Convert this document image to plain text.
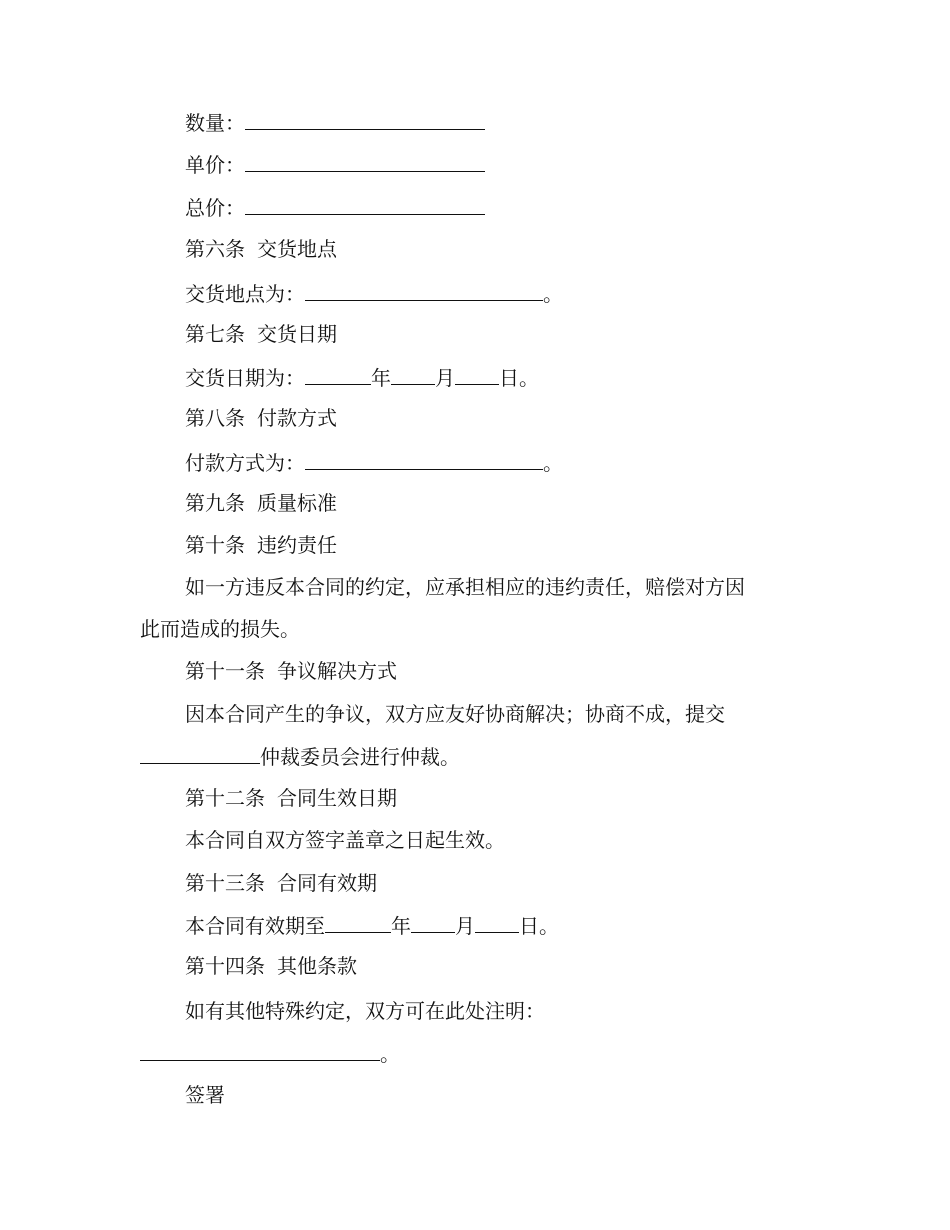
数量：
单价：
总价：
第六条 交货地点
交货地点为：	。
第七条 交货日期
交货日期为：	年 月 日。
第八条 付款方式
付款方式为：	。
第九条 质量标准
第十条 违约责任
如一方违反本合同的约定，应承担相应的违约责任，赔偿对方因
此而造成的损失。
第十一条 争议解决方式
因本合同产生的争议，双方应友好协商解决；协商不成，提交
仲裁委员会进行仲裁。
第十二条 合同生效日期
本合同自双方签字盖章之日起生效。
第十三条 合同有效期
本合同有效期至	年 月 日。
第十四条 其他条款
如有其他特殊约定，双方可在此处注明：
。
签署
